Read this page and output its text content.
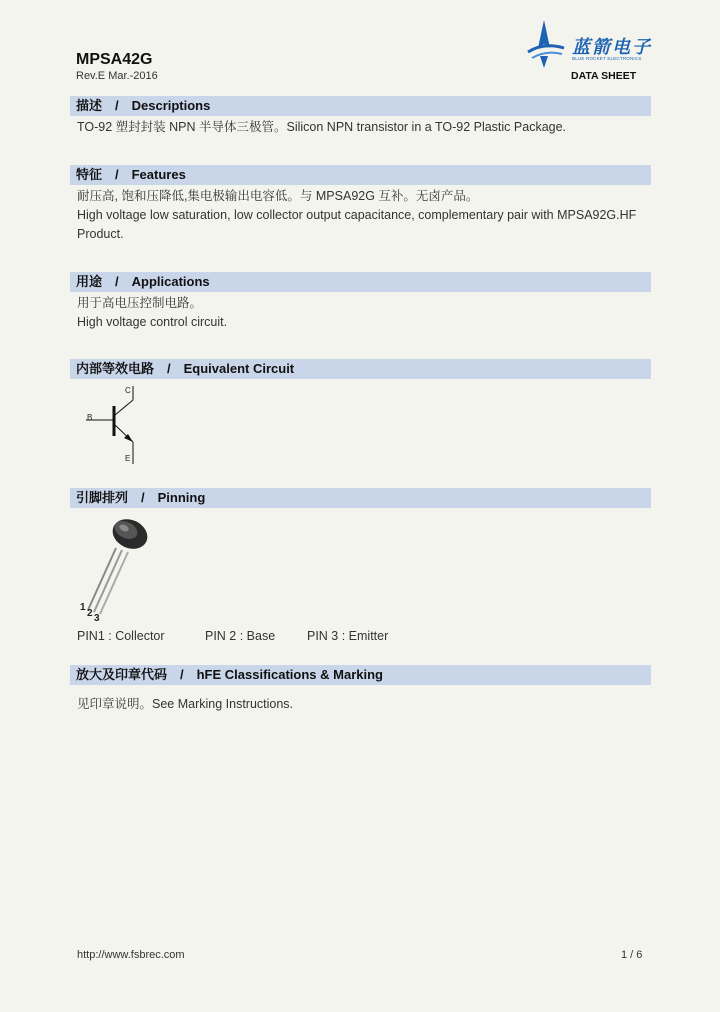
MPSA42G
Rev.E Mar.-2016
蓝箭电子
BLUE ROCKET ELECTRONICS
DATA SHEET
描述　/　Descriptions
TO-92 塑封封装 NPN 半导体三极管。Silicon NPN transistor in a TO-92 Plastic Package.
特征　/　Features
耐压高, 饱和压降低,集电极输出电容低。与 MPSA92G 互补。无卤产品。
High voltage low saturation, low collector output capacitance, complementary pair with MPSA92G.HF
Product.
用途　/　Applications
用于高电压控制电路。
High voltage control circuit.
内部等效电路　/　Equivalent Circuit
C
B
E
引脚排列　/　Pinning
1
2 3
PIN1 : Collector	PIN 2 : Base	PIN 3 : Emitter
放大及印章代码　/　hFE Classifications & Marking
见印章说明。See Marking Instructions.
http://www.fsbrec.com	1 / 6
